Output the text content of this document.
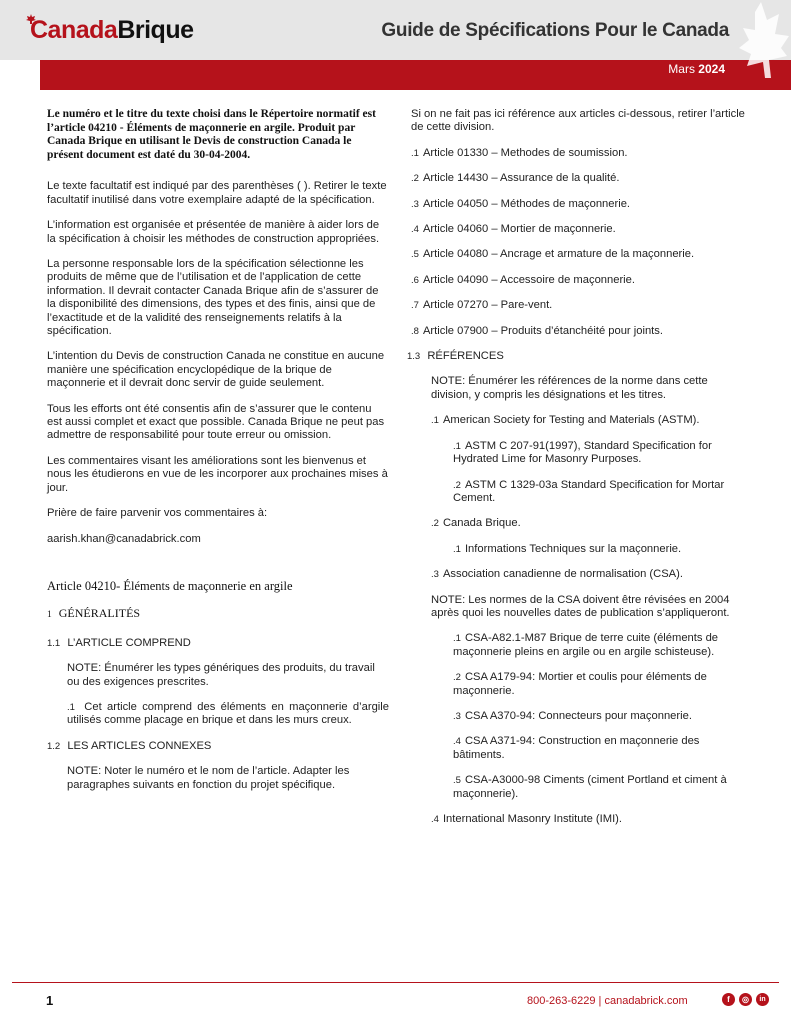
CanadaBrique	Guide de Spécifications Pour le Canada
Mars 2024
Le numéro et le titre du texte choisi dans le Répertoire normatif est l’article 04210 - Éléments de maçonnerie en argile. Produit par Canada Brique en utilisant le Devis de construction Canada le présent document est daté du 30-04-2004.
Le texte facultatif est indiqué par des parenthèses ( ). Retirer le texte facultatif inutilisé dans votre exemplaire adapté de la spécification.
L’information est organisée et présentée de manière à aider lors de la spécification à choisir les méthodes de construction appropriées.
La personne responsable lors de la spécification sélectionne les produits de même que de l’utilisation et de l’application de cette information. Il devrait contacter Canada Brique afin de s’assurer de la disponibilité des dimensions, des types et des finis, ainsi que de l’exactitude et de la validité des renseignements relatifs à la spécification.
L’intention du Devis de construction Canada ne constitue en aucune manière une spécification encyclopédique de la brique de maçonnerie et il devrait donc servir de guide seulement.
Tous les efforts ont été consentis afin de s’assurer que le contenu est aussi complet et exact que possible. Canada Brique ne peut pas admettre de responsabilité pour toute erreur ou omission.
Les commentaires visant les améliorations sont les bienvenus et nous les étudierons en vue de les incorporer aux prochaines mises à jour.
Prière de faire parvenir vos commentaires à:
aarish.khan@canadabrick.com
Article 04210- Éléments de maçonnerie en argile
1 GÉNÉRALITÉS
1.1 L’ARTICLE COMPREND
NOTE: Énumérer les types génériques des produits, du travail ou des exigences prescrites.
.1 Cet article comprend des éléments en maçonnerie d’argile utilisés comme placage en brique et dans les murs creux.
1.2 LES ARTICLES CONNEXES
NOTE: Noter le numéro et le nom de l’article. Adapter les paragraphes suivants en fonction du projet spécifique.
Si on ne fait pas ici référence aux articles ci-dessous, retirer l’article de cette division.
.1 Article 01330 – Methodes de soumission.
.2 Article 14430 – Assurance de la qualité.
.3 Article 04050 – Méthodes de maçonnerie.
.4 Article 04060 – Mortier de maçonnerie.
.5 Article 04080 – Ancrage et armature de la maçonnerie.
.6 Article 04090 – Accessoire de maçonnerie.
.7 Article 07270 – Pare-vent.
.8 Article 07900 – Produits d’étanchéité pour joints.
1.3 RÉFÉRENCES
NOTE: Énumérer les références de la norme dans cette division, y compris les désignations et les titres.
.1 American Society for Testing and Materials (ASTM).
.1 ASTM C 207-91(1997), Standard Specification for Hydrated Lime for Masonry Purposes.
.2 ASTM C 1329-03a Standard Specification for Mortar Cement.
.2 Canada Brique.
.1 Informations Techniques sur la maçonnerie.
.3 Association canadienne de normalisation (CSA).
NOTE: Les normes de la CSA doivent être révisées en 2004 après quoi les nouvelles dates de publication s’appliqueront.
.1 CSA-A82.1-M87 Brique de terre cuite (éléments de maçonnerie pleins en argile ou en argile schisteuse).
.2 CSA A179-94: Mortier et coulis pour éléments de maçonnerie.
.3 CSA A370-94: Connecteurs pour maçonnerie.
.4 CSA A371-94: Construction en maçonnerie des bâtiments.
.5 CSA-A3000-98 Ciments (ciment Portland et ciment à maçonnerie).
.4 International Masonry Institute (IMI).
1	800-263-6229 | canadabrick.com	f	◎	in
